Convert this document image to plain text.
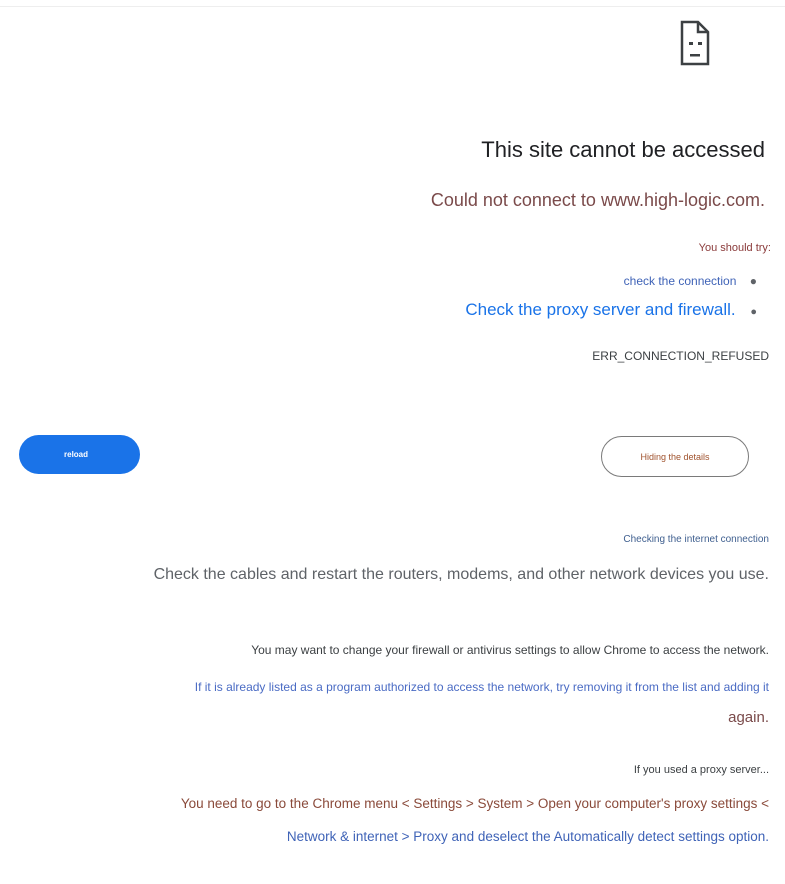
This site cannot be accessed
Could not connect to www.high-logic.com.
You should try:
check the connection ●
Check the proxy server and firewall. ●
ERR_CONNECTION_REFUSED
reload	Hiding the details
Checking the internet connection
Check the cables and restart the routers, modems, and other network devices you use.
You may want to change your firewall or antivirus settings to allow Chrome to access the network.
If it is already listed as a program authorized to access the network, try removing it from the list and adding it
again.
If you used a proxy server...
You need to go to the Chrome menu < Settings > System > Open your computer's proxy settings <
Network & internet > Proxy and deselect the Automatically detect settings option.
